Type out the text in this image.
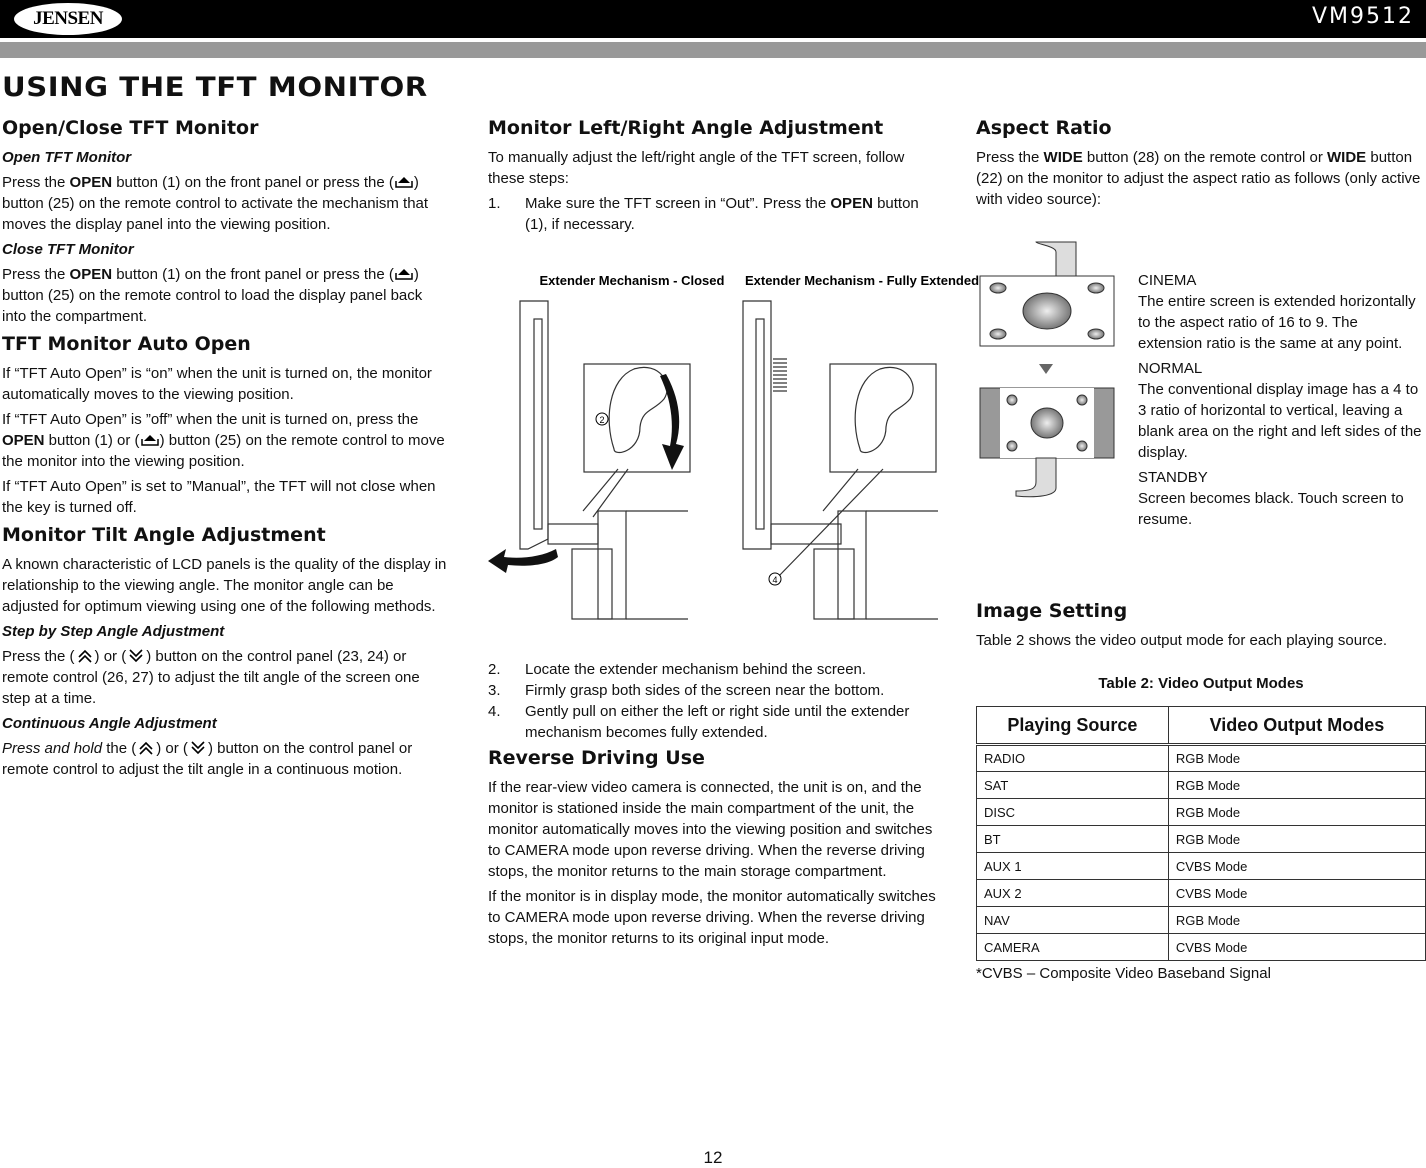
JENSEN	VM9512
USING THE TFT MONITOR
Open/Close TFT Monitor
Open TFT Monitor

Press the OPEN button (1) on the front panel or press the ( ) button (25) on the remote control to activate the mechanism that moves the display panel into the viewing position.

Close TFT Monitor

Press the OPEN button (1) on the front panel or press the ( ) button (25) on the remote control to load the display panel back into the compartment.

TFT Monitor Auto Open

If “TFT Auto Open” is “on” when the unit is turned on, the monitor automatically moves to the viewing position.

If “TFT Auto Open” is ”off” when the unit is turned on, press the OPEN button (1) or ( ) button (25) on the remote control to move the monitor into the viewing position.

If “TFT Auto Open” is set to ”Manual”, the TFT will not close when the key is turned off.

Monitor Tilt Angle Adjustment

A known characteristic of LCD panels is the quality of the display in relationship to the viewing angle. The monitor angle can be adjusted for optimum viewing using one of the following methods.

Step by Step Angle Adjustment

Press the ( ) or ( ) button on the control panel (23, 24) or remote control (26, 27) to adjust the tilt angle of the screen one step at a time.

Continuous Angle Adjustment

Press and hold the ( ) or ( ) button on the control panel or remote control to adjust the tilt angle in a continuous motion.

Monitor Left/Right Angle Adjustment

To manually adjust the left/right angle of the TFT screen, follow these steps:

1.	Make sure the TFT screen in “Out”. Press the OPEN button (1), if necessary.
Extender Mechanism - Closed Extender Mechanism - Fully Extended
2
4
2.	Locate the extender mechanism behind the screen.
3.	Firmly grasp both sides of the screen near the bottom.
4.	Gently pull on either the left or right side until the extender mechanism becomes fully extended.
Reverse Driving Use

If the rear-view video camera is connected, the unit is on, and the monitor is stationed inside the main compartment of the unit, the monitor automatically moves into the viewing position and switches to CAMERA mode upon reverse driving. When the reverse driving stops, the monitor returns to the main storage compartment.

If the monitor is in display mode, the monitor automatically switches to CAMERA mode upon reverse driving. When the reverse driving stops, the monitor returns to its original input mode.

Aspect Ratio

Press the WIDE button (28) on the remote control or WIDE button (22) on the monitor to adjust the aspect ratio as follows (only active with video source):

Image Setting

Table 2 shows the video output mode for each playing source.

Table 2: Video Output Modes
Playing Source	Video Output Modes
RADIO	RGB Mode
SAT	RGB Mode
DISC	RGB Mode
BT	RGB Mode
AUX 1	CVBS Mode
AUX 2	CVBS Mode
NAV	RGB Mode
CAMERA	CVBS Mode
*CVBS – Composite Video Baseband Signal

CINEMA
The entire screen is extended horizontally to the aspect ratio of 16 to 9. The extension ratio is the same at any point.

NORMAL
The conventional display image has a 4 to 3 ratio of horizontal to vertical, leaving a blank area on the right and left sides of the display.

STANDBY
Screen becomes black. Touch screen to resume.

12
